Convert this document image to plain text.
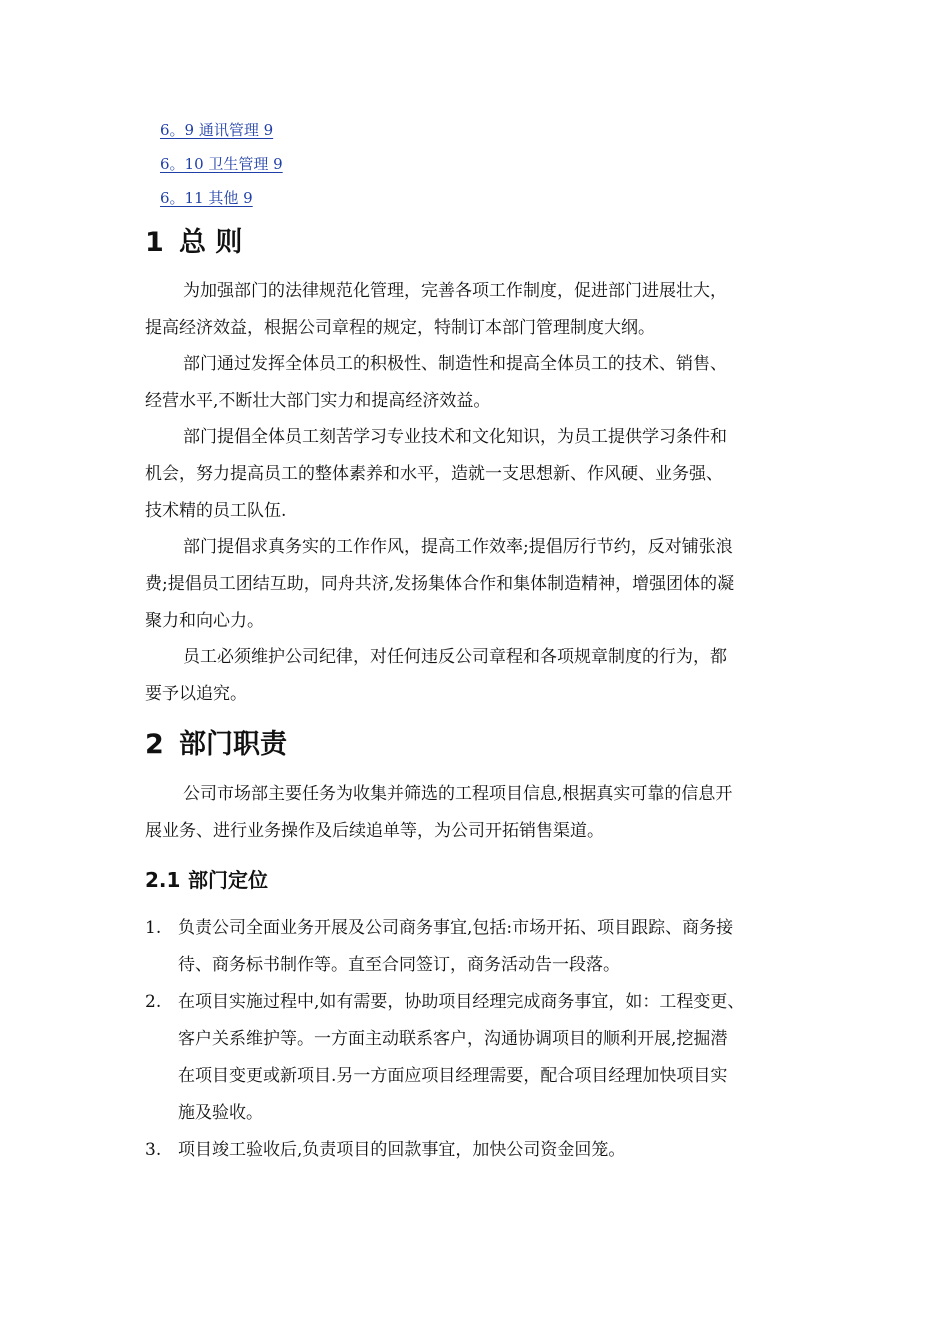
6。9 通讯管理 9
6。10 卫生管理 9
6。11 其他 9
1 总 则

为加强部门的法律规范化管理，完善各项工作制度，促进部门进展壮大，
提高经济效益，根据公司章程的规定，特制订本部门管理制度大纲。

部门通过发挥全体员工的积极性、制造性和提高全体员工的技术、销售、
经营水平,不断壮大部门实力和提高经济效益。

部门提倡全体员工刻苦学习专业技术和文化知识，为员工提供学习条件和
机会，努力提高员工的整体素养和水平，造就一支思想新、作风硬、业务强、
技术精的员工队伍.

部门提倡求真务实的工作作风，提高工作效率;提倡厉行节约，反对铺张浪
费;提倡员工团结互助，同舟共济,发扬集体合作和集体制造精神，增强团体的凝
聚力和向心力。

员工必须维护公司纪律，对任何违反公司章程和各项规章制度的行为，都
要予以追究。

2 部门职责

公司市场部主要任务为收集并筛选的工程项目信息,根据真实可靠的信息开
展业务、进行业务操作及后续追单等，为公司开拓销售渠道。

2.1 部门定位
1. 负责公司全面业务开展及公司商务事宜,包括:市场开拓、项目跟踪、商务接
待、商务标书制作等。直至合同签订，商务活动告一段落。
2. 在项目实施过程中,如有需要，协助项目经理完成商务事宜，如：工程变更、
客户关系维护等。一方面主动联系客户，沟通协调项目的顺利开展,挖掘潜
在项目变更或新项目.另一方面应项目经理需要，配合项目经理加快项目实
施及验收。
3. 项目竣工验收后,负责项目的回款事宜，加快公司资金回笼。
